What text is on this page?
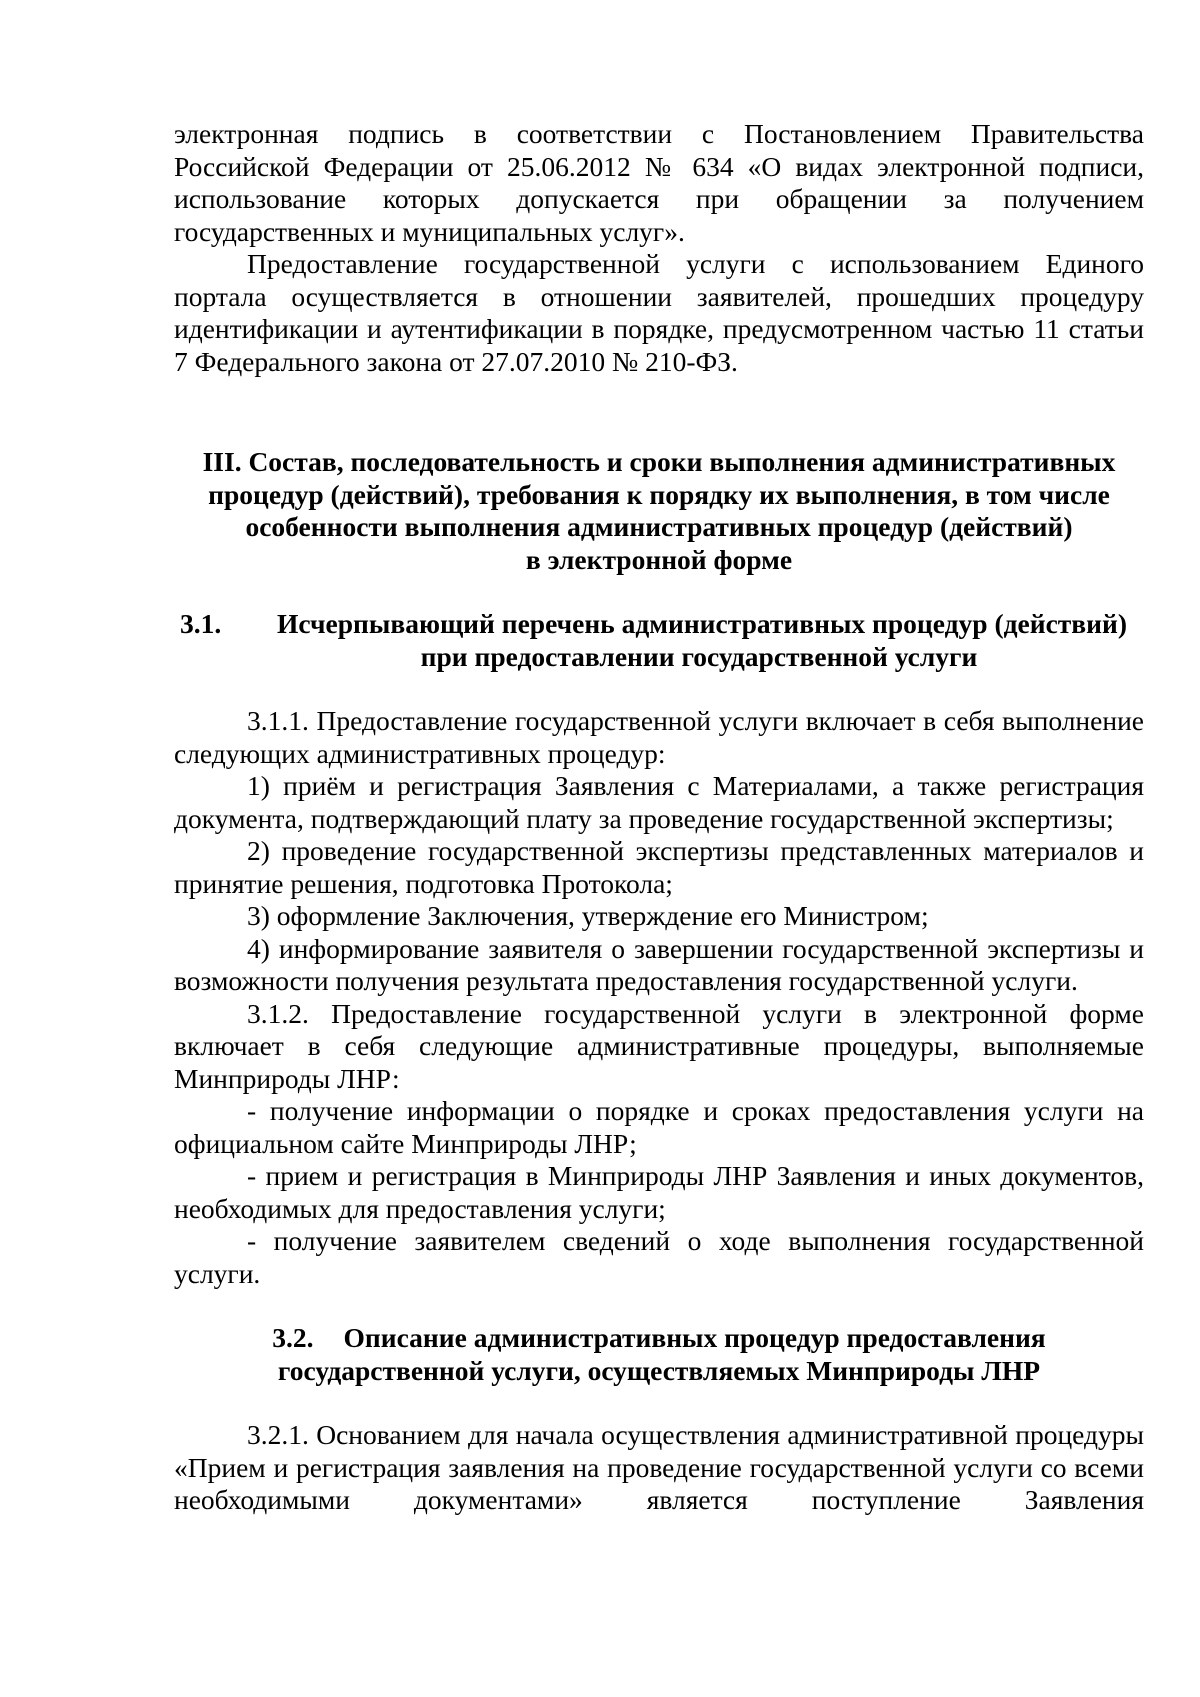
электронная подпись в соответствии с Постановлением Правительства Российской Федерации от 25.06.2012 № 634 «О видах электронной подписи, использование которых допускается при обращении за получением государственных и муниципальных услуг».

Предоставление государственной услуги с использованием Единого портала осуществляется в отношении заявителей, прошедших процедуру идентификации и аутентификации в порядке, предусмотренном частью 11 статьи 7 Федерального закона от 27.07.2010 № 210-ФЗ.

III. Состав, последовательность и сроки выполнения административных
процедур (действий), требования к порядку их выполнения, в том числе
особенности выполнения административных процедур (действий)
в электронной форме
3.1.	Исчерпывающий перечень административных процедур (действий)
при предоставлении государственной услуги

3.1.1. Предоставление государственной услуги включает в себя выполнение следующих административных процедур:

1) приём и регистрация Заявления с Материалами, а также регистрация документа, подтверждающий плату за проведение государственной экспертизы;

2) проведение государственной экспертизы представленных материалов и принятие решения, подготовка Протокола;

3) оформление Заключения, утверждение его Министром;

4) информирование заявителя о завершении государственной экспертизы и возможности получения результата предоставления государственной услуги.

3.1.2. Предоставление государственной услуги в электронной форме включает в себя следующие административные процедуры, выполняемые Минприроды ЛНР:

- получение информации о порядке и сроках предоставления услуги на официальном сайте Минприроды ЛНР;

- прием и регистрация в Минприроды ЛНР Заявления и иных документов, необходимых для предоставления услуги;

- получение заявителем сведений о ходе выполнения государственной услуги.

3.2. Описание административных процедур предоставления
государственной услуги, осуществляемых Минприроды ЛНР

3.2.1. Основанием для начала осуществления административной процедуры «Прием и регистрация заявления на проведение государственной услуги со всеми необходимыми документами» является поступление Заявления
